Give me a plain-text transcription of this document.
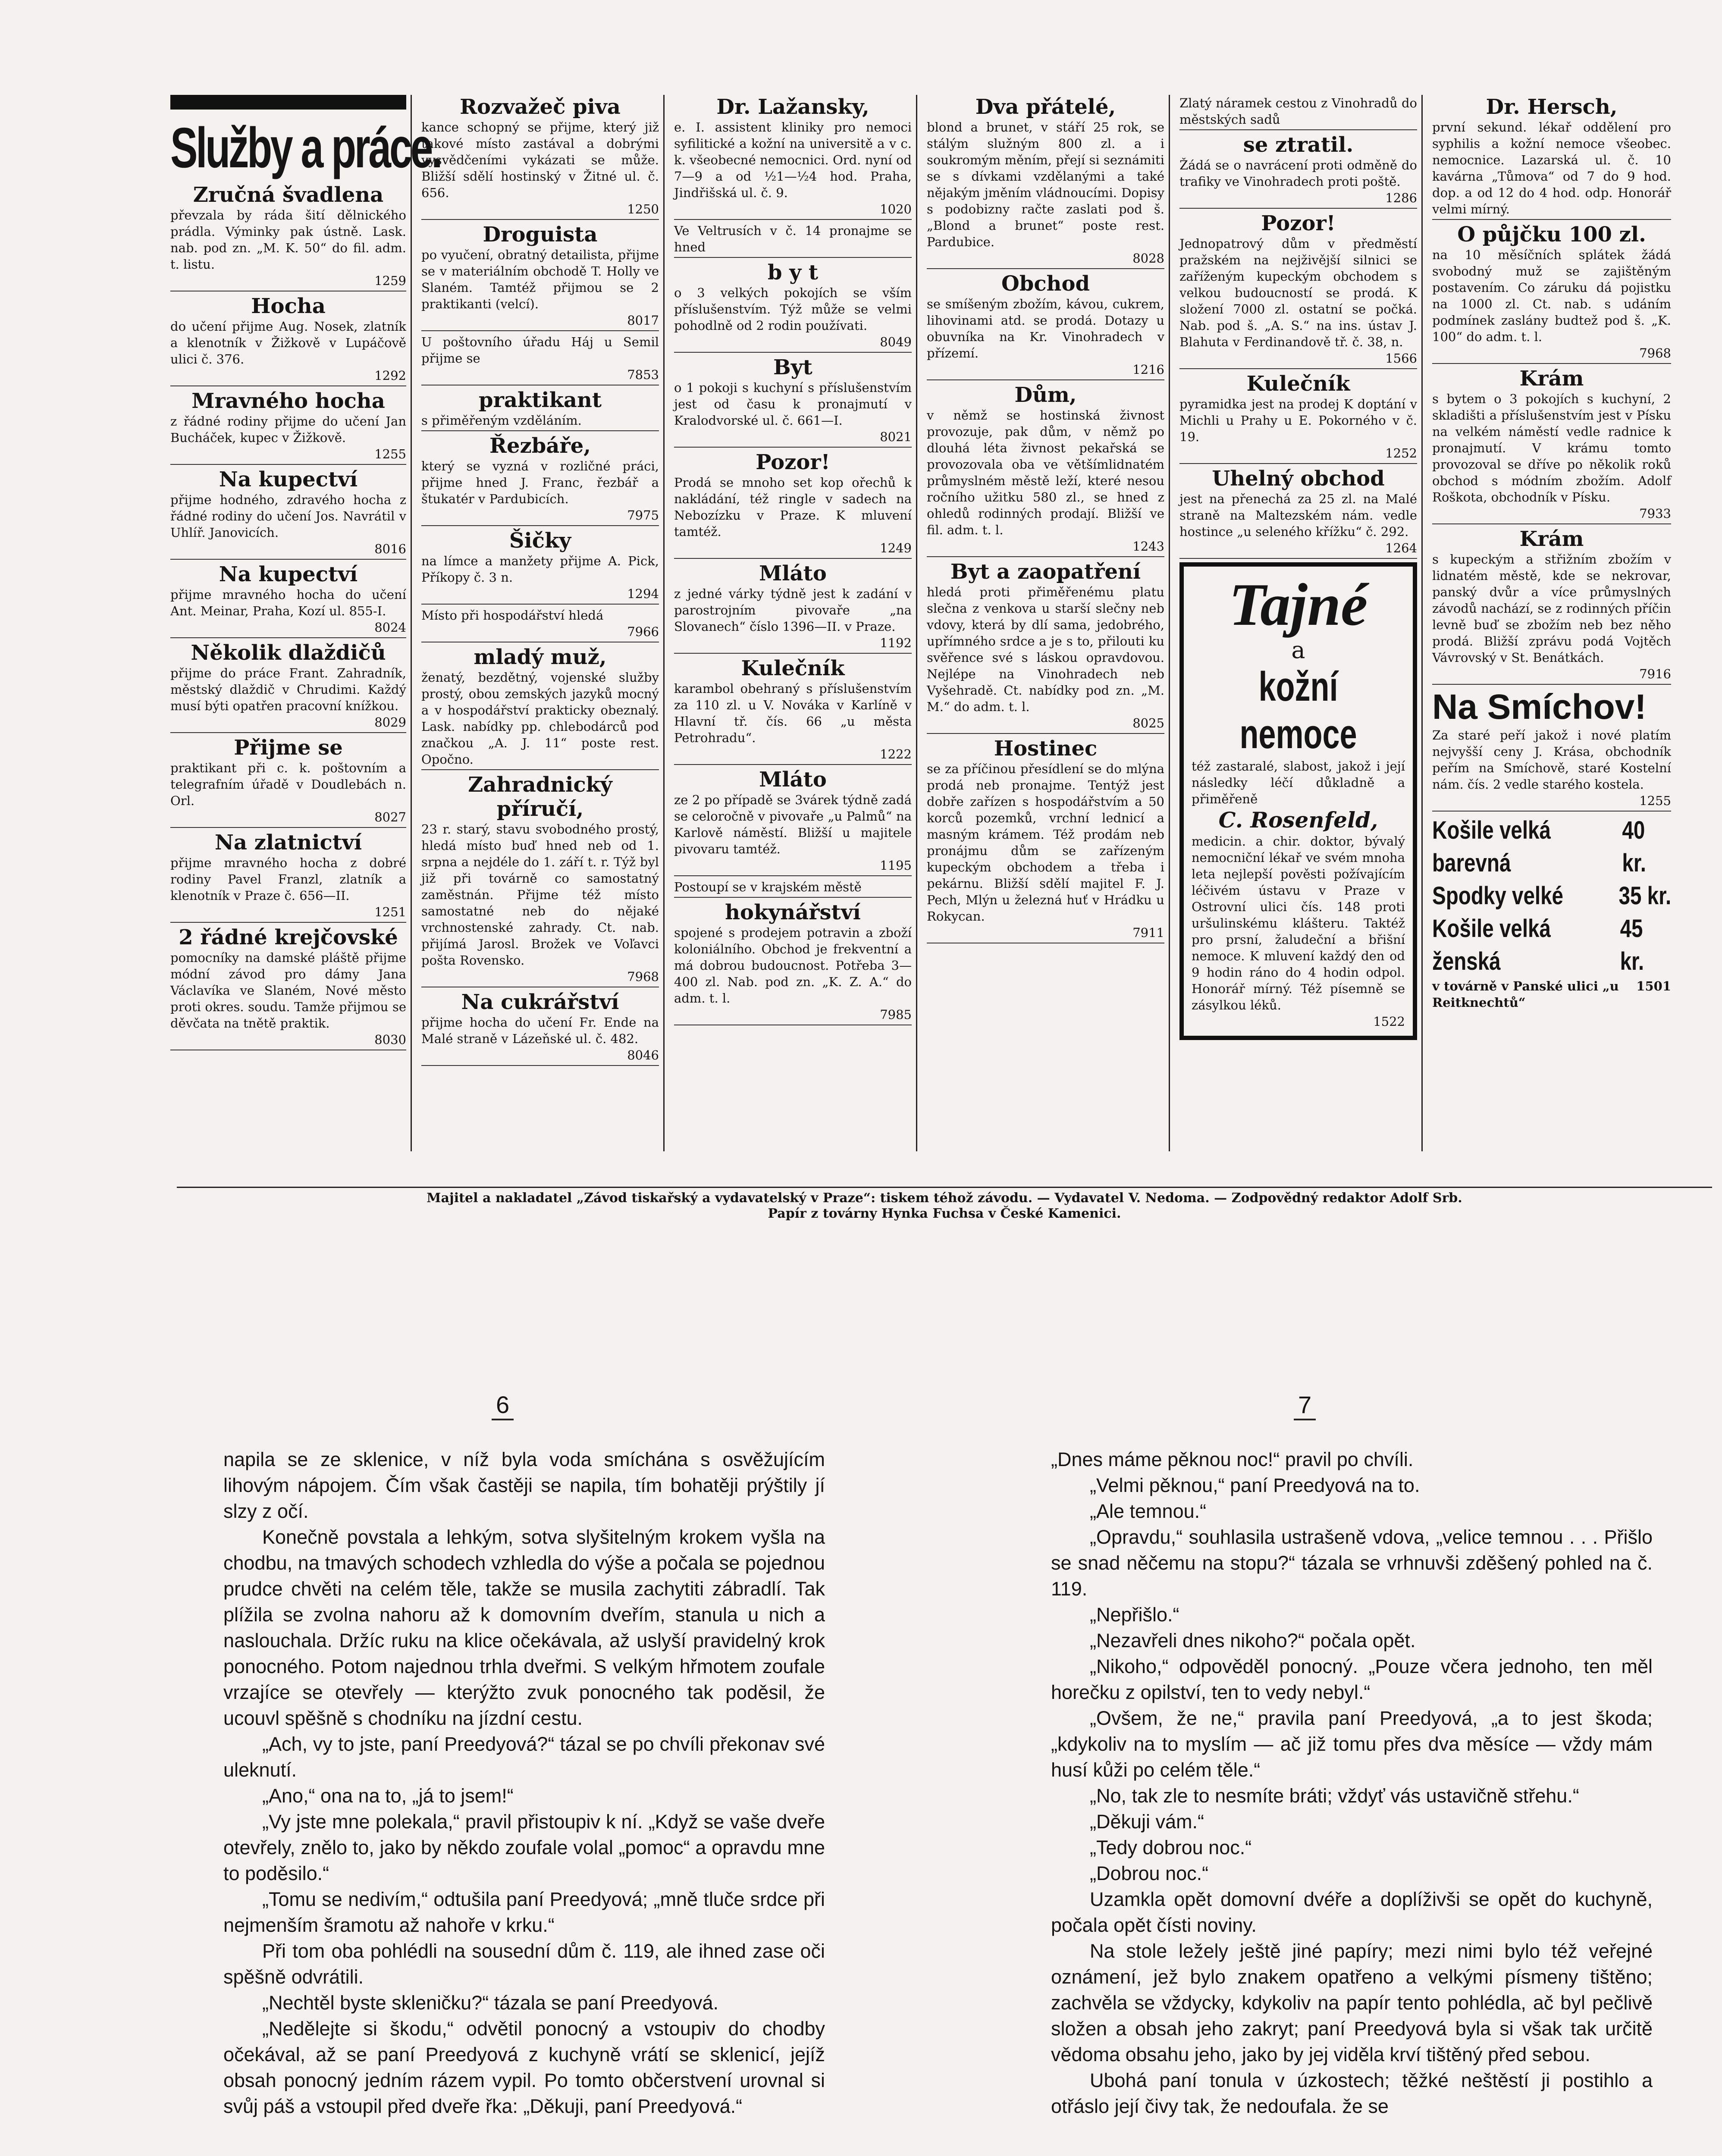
Služby a práce.
Zručná švadlena
převzala by ráda šití dělnického prádla. Výminky pak ústně. Lask. nab. pod zn. „M. K. 50“ do fil. adm. t. listu.
1259
Hocha
do učení přijme Aug. Nosek, zlatník a klenotník v Žižkově v Lupáčově ulici č. 376.
1292
Mravného hocha
z řádné rodiny přijme do učení Jan Bucháček, kupec v Žižkově.
1255
Na kupectví
přijme hodného, zdravého hocha z řádné rodiny do učení Jos. Navrátil v Uhlíř. Janovicích.
8016
Na kupectví
přijme mravného hocha do učení Ant. Meinar, Praha, Kozí ul. 855-I.
8024
Několik dlaždičů
přijme do práce Frant. Zahradník, městský dlaždič v Chrudimi. Každý musí býti opatřen pracovní knížkou.
8029
Přijme se
praktikant při c. k. poštovním a telegrafním úřadě v Doudlebách n. Orl.
8027
Na zlatnictví
přijme mravného hocha z dobré rodiny Pavel Franzl, zlatník a klenotník v Praze č. 656—II.
1251
2 řádné krejčovské
pomocníky na damské pláště přijme módní závod pro dámy Jana Václavíka ve Slaném, Nové město proti okres. soudu. Tamže přijmou se děvčata na tnětě praktik.
8030
Rozvažeč piva
kance schopný se přijme, který již takové místo zastával a dobrými vysvědčeními vykázati se může. Bližší sdělí hostinský v Žitné ul. č. 656.
1250
Droguista
po vyučení, obratný detailista, přijme se v materiálním obchodě T. Holly ve Slaném. Tamtéž přijmou se 2 praktikanti (velcí).
8017
U poštovního úřadu Háj u Semil přijme se
7853
praktikant
s přiměřeným vzděláním.
Řezbáře,
který se vyzná v rozličné práci, přijme hned J. Franc, řezbář a štukatér v Pardubicích.
7975
Šičky
na límce a manžety přijme A. Pick, Příkopy č. 3 n.
1294
Místo při hospodářství hledá
7966
mladý muž,
ženatý, bezdětný, vojenské služby prostý, obou zemských jazyků mocný a v hospodářství prakticky obeznalý. Lask. nabídky pp. chlebodárců pod značkou „A. J. 11“ poste rest. Opočno.
Zahradnický příručí,
23 r. starý, stavu svobodného prostý, hledá místo buď hned neb od 1. srpna a nejdéle do 1. září t. r. Týž byl již při továrně co samostatný zaměstnán. Přijme též místo samostatné neb do nějaké vrchnostenské zahrady. Ct. nab. přijímá Jarosl. Brožek ve Voľavci pošta Rovensko.
7968
Na cukrářství
přijme hocha do učení Fr. Ende na Malé straně v Lázeňské ul. č. 482.
8046
Dr. Lažansky,
e. I. assistent kliniky pro nemoci syfilitické a kožní na universitě a v c. k. všeobecné nemocnici. Ord. nyní od 7—9 a od ½1—½4 hod. Praha, Jindřišská ul. č. 9.
1020
Ve Veltrusích v č. 14 pronajme se hned
b y t
o 3 velkých pokojích se vším příslušenstvím. Týž může se velmi pohodlně od 2 rodin používati.
8049
Byt
o 1 pokoji s kuchyní s příslušenstvím jest od času k pronajmutí v Kralodvorské ul. č. 661—I.
8021
Pozor!
Prodá se mnoho set kop ořechů k nakládání, též ringle v sadech na Nebozízku v Praze. K mluvení tamtéž.
1249
Mláto
z jedné várky týdně jest k zadání v parostrojním pivovaře „na Slovanech“ číslo 1396—II. v Praze.
1192
Kulečník
karambol obehraný s příslušenstvím za 110 zl. u V. Nováka v Karlíně v Hlavní tř. čís. 66 „u města Petrohradu“.
1222
Mláto
ze 2 po případě se 3várek týdně zadá se celoročně v pivovaře „u Palmů“ na Karlově náměstí. Bližší u majitele pivovaru tamtéž.
1195
Postoupí se v krajském městě
hokynářství
spojené s prodejem potravin a zboží koloniálního. Obchod je frekventní a má dobrou budoucnost. Potřeba 3—400 zl. Nab. pod zn. „K. Z. A.“ do adm. t. l.
7985
Dva přátelé,
blond a brunet, v stáří 25 rok, se stálým služným 800 zl. a i soukromým měním, přejí si seznámiti se s dívkami vzdělanými a také nějakým jměním vládnoucími. Dopisy s podobizny račte zaslati pod š. „Blond a brunet“ poste rest. Pardubice.
8028
Obchod
se smíšeným zbožím, kávou, cukrem, lihovinami atd. se prodá. Dotazy u obuvníka na Kr. Vinohradech v přízemí.
1216
Dům,
v němž se hostinská živnost provozuje, pak dům, v němž po dlouhá léta živnost pekařská se provozovala oba ve většímlidnatém průmyslném městě leží, které nesou ročního užitku 580 zl., se hned z ohledů rodinných prodají. Bližší ve fil. adm. t. l.
1243
Byt a zaopatření
hledá proti přiměřenému platu slečna z venkova u starší slečny neb vdovy, která by dlí sama, jedobrého, upřímného srdce a je s to, přilouti ku svěřence své s láskou opravdovou. Nejlépe na Vinohradech neb Vyšehradě. Ct. nabídky pod zn. „M. M.“ do adm. t. l.
8025
Hostinec
se za příčinou přesídlení se do mlýna prodá neb pronajme. Tentýž jest dobře zařízen s hospodářstvím a 50 korců pozemků, vrchní lednicí a masným krámem. Též prodám neb pronájmu dům se zařízeným kupeckým obchodem a třeba i pekárnu. Bližší sdělí majitel F. J. Pech, Mlýn u železná huť v Hrádku u Rokycan.
7911
Zlatý náramek cestou z Vinohradů do městských sadů
se ztratil.
Žádá se o navrácení proti odměně do trafiky ve Vinohradech proti poště.
1286
Pozor!
Jednopatrový dům v předměstí pražském na nejživější silnici se zaříženým kupeckým obchodem s velkou budoucností se prodá. K složení 7000 zl. ostatní se počká. Nab. pod š. „A. S.“ na ins. ústav J. Blahuta v Ferdinandově tř. č. 38, n.
1566
Kulečník
pyramidka jest na prodej K doptání v Michli u Prahy u E. Pokorného v č. 19.
1252
Uhelný obchod
jest na přenechá za 25 zl. na Malé straně na Maltezském nám. vedle hostince „u seleného křížku“ č. 292.
1264
Tajné
a
kožní nemoce
též zastaralé, slabost, jakož i její následky léčí důkladně a přiměřeně
C. Rosenfeld,
medicin. a chir. doktor, bývalý nemocniční lékař ve svém mnoha leta nejlepší pověsti požívajícím léčivém ústavu v Praze v Ostrovní ulici čís. 148 proti uršulinskému klášteru. Taktéž pro prsní, žaludeční a břišní nemoce. K mluvení každý den od 9 hodin ráno do 4 hodin odpol. Honorář mírný. Též písemně se zásylkou léků.
1522
Dr. Hersch,
první sekund. lékař oddělení pro syphilis a kožní nemoce všeobec. nemocnice. Lazarská ul. č. 10 kavárna „Tůmova“ od 7 do 9 hod. dop. a od 12 do 4 hod. odp. Honorář velmi mírný.
O půjčku 100 zl.
na 10 měsíčních splátek žádá svobodný muž se zajištěným postavením. Co záruku dá pojistku na 1000 zl. Ct. nab. s udáním podmínek zaslány budtež pod š. „K. 100“ do adm. t. l.
7968
Krám
s bytem o 3 pokojích s kuchyní, 2 skladišti a příslušenstvím jest v Písku na velkém náměstí vedle radnice k pronajmutí. V krámu tomto provozoval se dříve po několik roků obchod s módním zbožím. Adolf Roškota, obchodník v Písku.
7933
Krám
s kupeckým a střižním zbožím v lidnatém městě, kde se nekrovar, panský dvůr a více průmyslných závodů nachází, se z rodinných příčin levně buď se zbožím neb bez něho prodá. Bližší zprávu podá Vojtěch Vávrovský v St. Benátkách.
7916
Na Smíchov!
Za staré peří jakož i nové platím nejvyšší ceny J. Krása, obchodník peřím na Smíchově, staré Kostelní nám. čís. 2 vedle starého kostela.
1255
Košile velká barevná
40 kr.
Spodky velké 35 kr.
Košile velká ženská
45 kr.
v továrně v Panské ulici „u Reitknechtů“
1501
Majitel a nakladatel „Závod tiskařský a vydavatelský v Praze“: tiskem téhož závodu. — Vydavatel V. Nedoma. — Zodpovědný redaktor Adolf Srb.
Papír z továrny Hynka Fuchsa v České Kamenici.
6	7

napila se ze sklenice, v níž byla voda smíchána s osvěžujícím lihovým nápojem. Čím však častěji se napila, tím bohatěji prýštily jí slzy z očí.

Konečně povstala a lehkým, sotva slyšitelným krokem vyšla na chodbu, na tmavých schodech vzhledla do výše a počala se pojednou prudce chvěti na celém těle, takže se musila zachytiti zábradlí. Tak plížila se zvolna nahoru až k domovním dveřím, stanula u nich a naslouchala. Držíc ruku na klice očekávala, až uslyší pravidelný krok ponocného. Potom najednou trhla dveřmi. S velkým hřmotem zoufale vrzajíce se otevřely — kterýžto zvuk ponocného tak poděsil, že ucouvl spěšně s chodníku na jízdní cestu.

„Ach, vy to jste, paní Preedyová?“ tázal se po chvíli překonav své uleknutí.

„Ano,“ ona na to, „já to jsem!“

„Vy jste mne polekala,“ pravil přistoupiv k ní. „Když se vaše dveře otevřely, znělo to, jako by někdo zoufale volal „pomoc“ a opravdu mne to poděsilo.“

„Tomu se nedivím,“ odtušila paní Preedyová; „mně tluče srdce při nejmenším šramotu až nahoře v krku.“

Při tom oba pohlédli na sousední dům č. 119, ale ihned zase oči spěšně odvrátili.

„Nechtěl byste skleničku?“ tázala se paní Preedyová.

„Nedělejte si škodu,“ odvětil ponocný a vstoupiv do chodby očekával, až se paní Preedyová z kuchyně vrátí se sklenicí, jejíž obsah ponocný jedním rázem vypil. Po tomto občerstvení urovnal si svůj páš a vstoupil před dveře řka: „Děkuji, paní Preedyová.“

„Dnes máme pěknou noc!“ pravil po chvíli.

„Velmi pěknou,“ paní Preedyová na to.

„Ale temnou.“

„Opravdu,“ souhlasila ustrašeně vdova, „velice temnou . . . Přišlo se snad něčemu na stopu?“ tázala se vrhnuvši zděšený pohled na č. 119.

„Nepřišlo.“

„Nezavřeli dnes nikoho?“ počala opět.

„Nikoho,“ odpověděl ponocný. „Pouze včera jednoho, ten měl horečku z opilství, ten to vedy nebyl.“

„Ovšem, že ne,“ pravila paní Preedyová, „a to jest škoda; „kdykoliv na to myslím — ač již tomu přes dva měsíce — vždy mám husí kůži po celém těle.“

„No, tak zle to nesmíte bráti; vždyť vás ustavičně střehu.“

„Děkuji vám.“

„Tedy dobrou noc.“

„Dobrou noc.“

Uzamkla opět domovní dvéře a doplíživši se opět do kuchyně, počala opět čísti noviny.

Na stole ležely ještě jiné papíry; mezi nimi bylo též veřejné oznámení, jež bylo znakem opatřeno a velkými písmeny tištěno; zachvěla se vždycky, kdykoliv na papír tento pohlédla, ač byl pečlivě složen a obsah jeho zakryt; paní Preedyová byla si však tak určitě vědoma obsahu jeho, jako by jej viděla krví tištěný před sebou.

Ubohá paní tonula v úzkostech; těžké neštěstí ji postihlo a otřáslo její čivy tak, že nedoufala. že se
